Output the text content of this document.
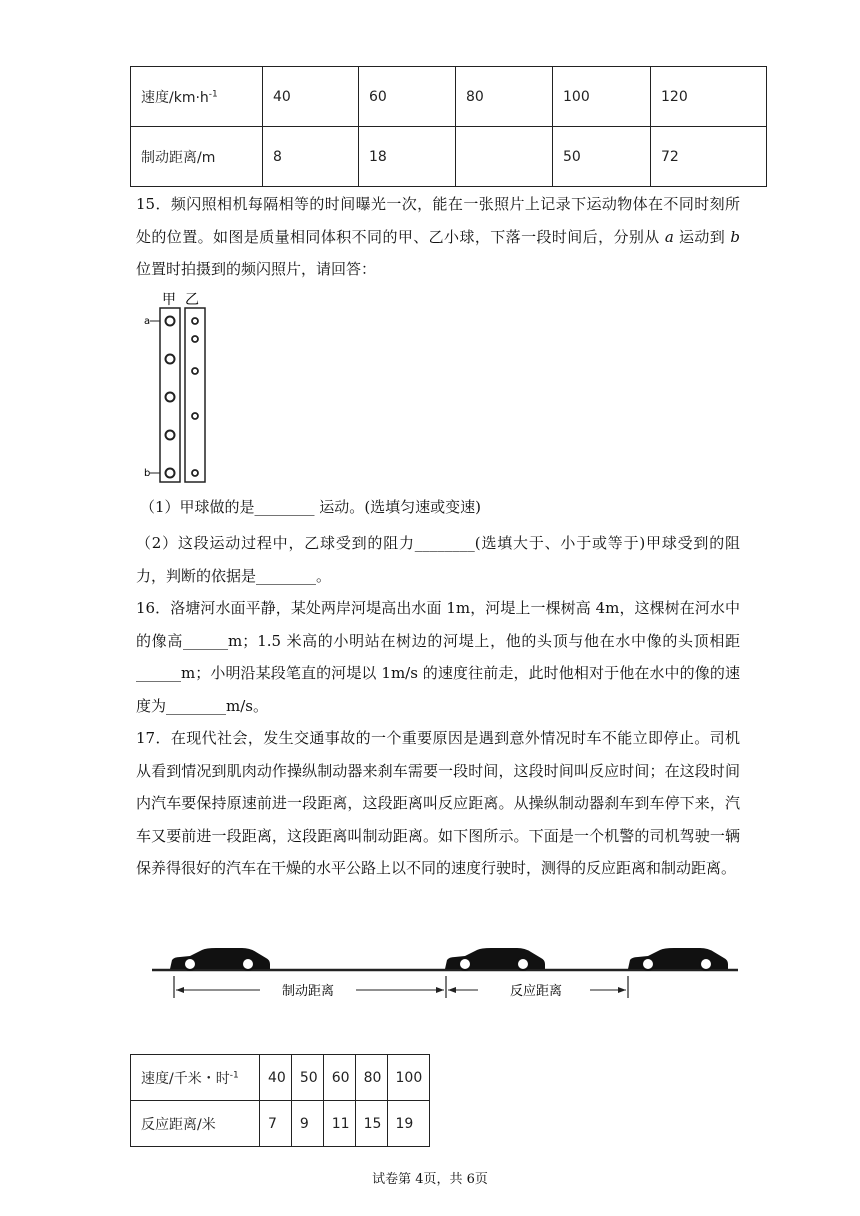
速度$/km\cdot h^{-1}$	40	60	80	100	120
制动距离/m	8	18		50	72
15．频闪照相机每隔相等的时间曝光一次，能在一张照片上记录下运动物体在不同时刻所处的位置。如图是质量相同体积不同的甲、乙小球，下落一段时间后，分别从 a 运动到 b 位置时拍摄到的频闪照片，请回答：
甲 乙
a
b
（1）甲球做的是________ 运动。(选填匀速或变速)
（2）这段运动过程中，乙球受到的阻力________(选填大于、小于或等于)甲球受到的阻力，判断的依据是________。
16．洛塘河水面平静，某处两岸河堤高出水面 1m，河堤上一棵树高 4m，这棵树在河水中的像高______m；1.5 米高的小明站在树边的河堤上，他的头顶与他在水中像的头顶相距______m；小明沿某段笔直的河堤以 1m/s 的速度往前走，此时他相对于他在水中的像的速度为________m/s。
17．在现代社会，发生交通事故的一个重要原因是遇到意外情况时车不能立即停止。司机从看到情况到肌肉动作操纵制动器来刹车需要一段时间，这段时间叫反应时间；在这段时间内汽车要保持原速前进一段距离，这段距离叫反应距离。从操纵制动器刹车到车停下来，汽车又要前进一段距离，这段距离叫制动距离。如下图所示。下面是一个机警的司机驾驶一辆保养得很好的汽车在干燥的水平公路上以不同的速度行驶时，测得的反应距离和制动距离。
制动距离	反应距离
速度/千米・时$^{-1}$	40	50	60	80	100
反应距离/米	7	9	11	15	19
试卷第 4页，共 6页
